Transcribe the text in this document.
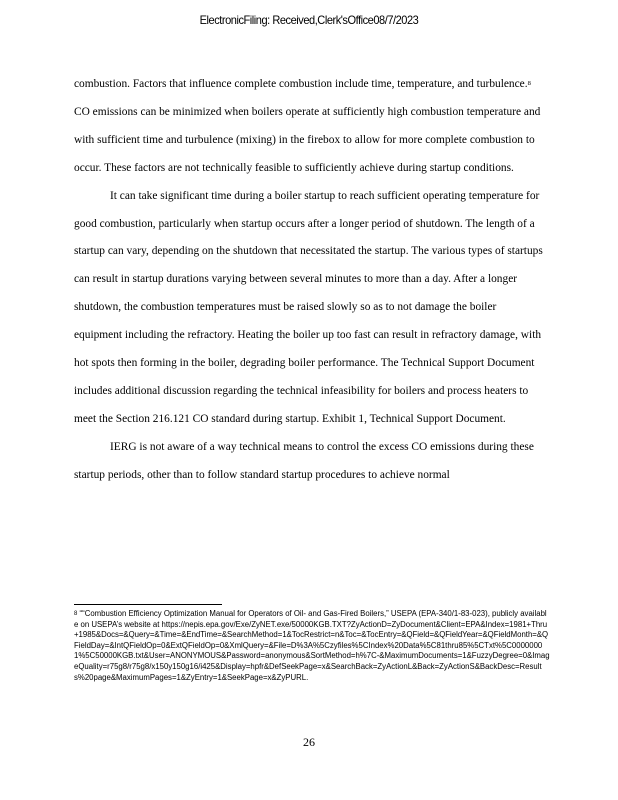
ElectronicFiling: Received,Clerk'sOffice08/7/2023

combustion. Factors that influence complete combustion include time, temperature, and turbulence.$^8$ CO emissions can be minimized when boilers operate at sufficiently high combustion temperature and with sufficient time and turbulence (mixing) in the firebox to allow for more complete combustion to occur. These factors are not technically feasible to sufficiently achieve during startup conditions.

It can take significant time during a boiler startup to reach sufficient operating temperature for good combustion, particularly when startup occurs after a longer period of shutdown. The length of a startup can vary, depending on the shutdown that necessitated the startup. The various types of startups can result in startup durations varying between several minutes to more than a day. After a longer shutdown, the combustion temperatures must be raised slowly so as to not damage the boiler equipment including the refractory. Heating the boiler up too fast can result in refractory damage, with hot spots then forming in the boiler, degrading boiler performance. The Technical Support Document includes additional discussion regarding the technical infeasibility for boilers and process heaters to meet the Section 216.121 CO standard during startup. Exhibit 1, Technical Support Document.

IERG is not aware of a way technical means to control the excess CO emissions during these startup periods, other than to follow standard startup procedures to achieve normal

$^8$ ““Combustion Efficiency Optimization Manual for Operators of Oil- and Gas-Fired Boilers,” USEPA (EPA-340/1-83-023), publicly available on USEPA’s website at https://nepis.epa.gov/Exe/ZyNET.exe/50000KGB.TXT?ZyActionD=ZyDocument&Client=EPA&Index=1981+Thru+1985&Docs=&Query=&Time=&EndTime=&SearchMethod=1&TocRestrict=n&Toc=&TocEntry=&QField=&QFieldYear=&QFieldMonth=&QFieldDay=&IntQFieldOp=0&ExtQFieldOp=0&XmlQuery=&File=D%3A%5Czyfiles%5CIndex%20Data%5C81thru85%5CTxt%5C00000001%5C50000KGB.txt&User=ANONYMOUS&Password=anonymous&SortMethod=h%7C-&MaximumDocuments=1&FuzzyDegree=0&ImageQuality=r75g8/r75g8/x150y150g16/i425&Display=hpfr&DefSeekPage=x&SearchBack=ZyActionL&Back=ZyActionS&BackDesc=Results%20page&MaximumPages=1&ZyEntry=1&SeekPage=x&ZyPURL.
26
